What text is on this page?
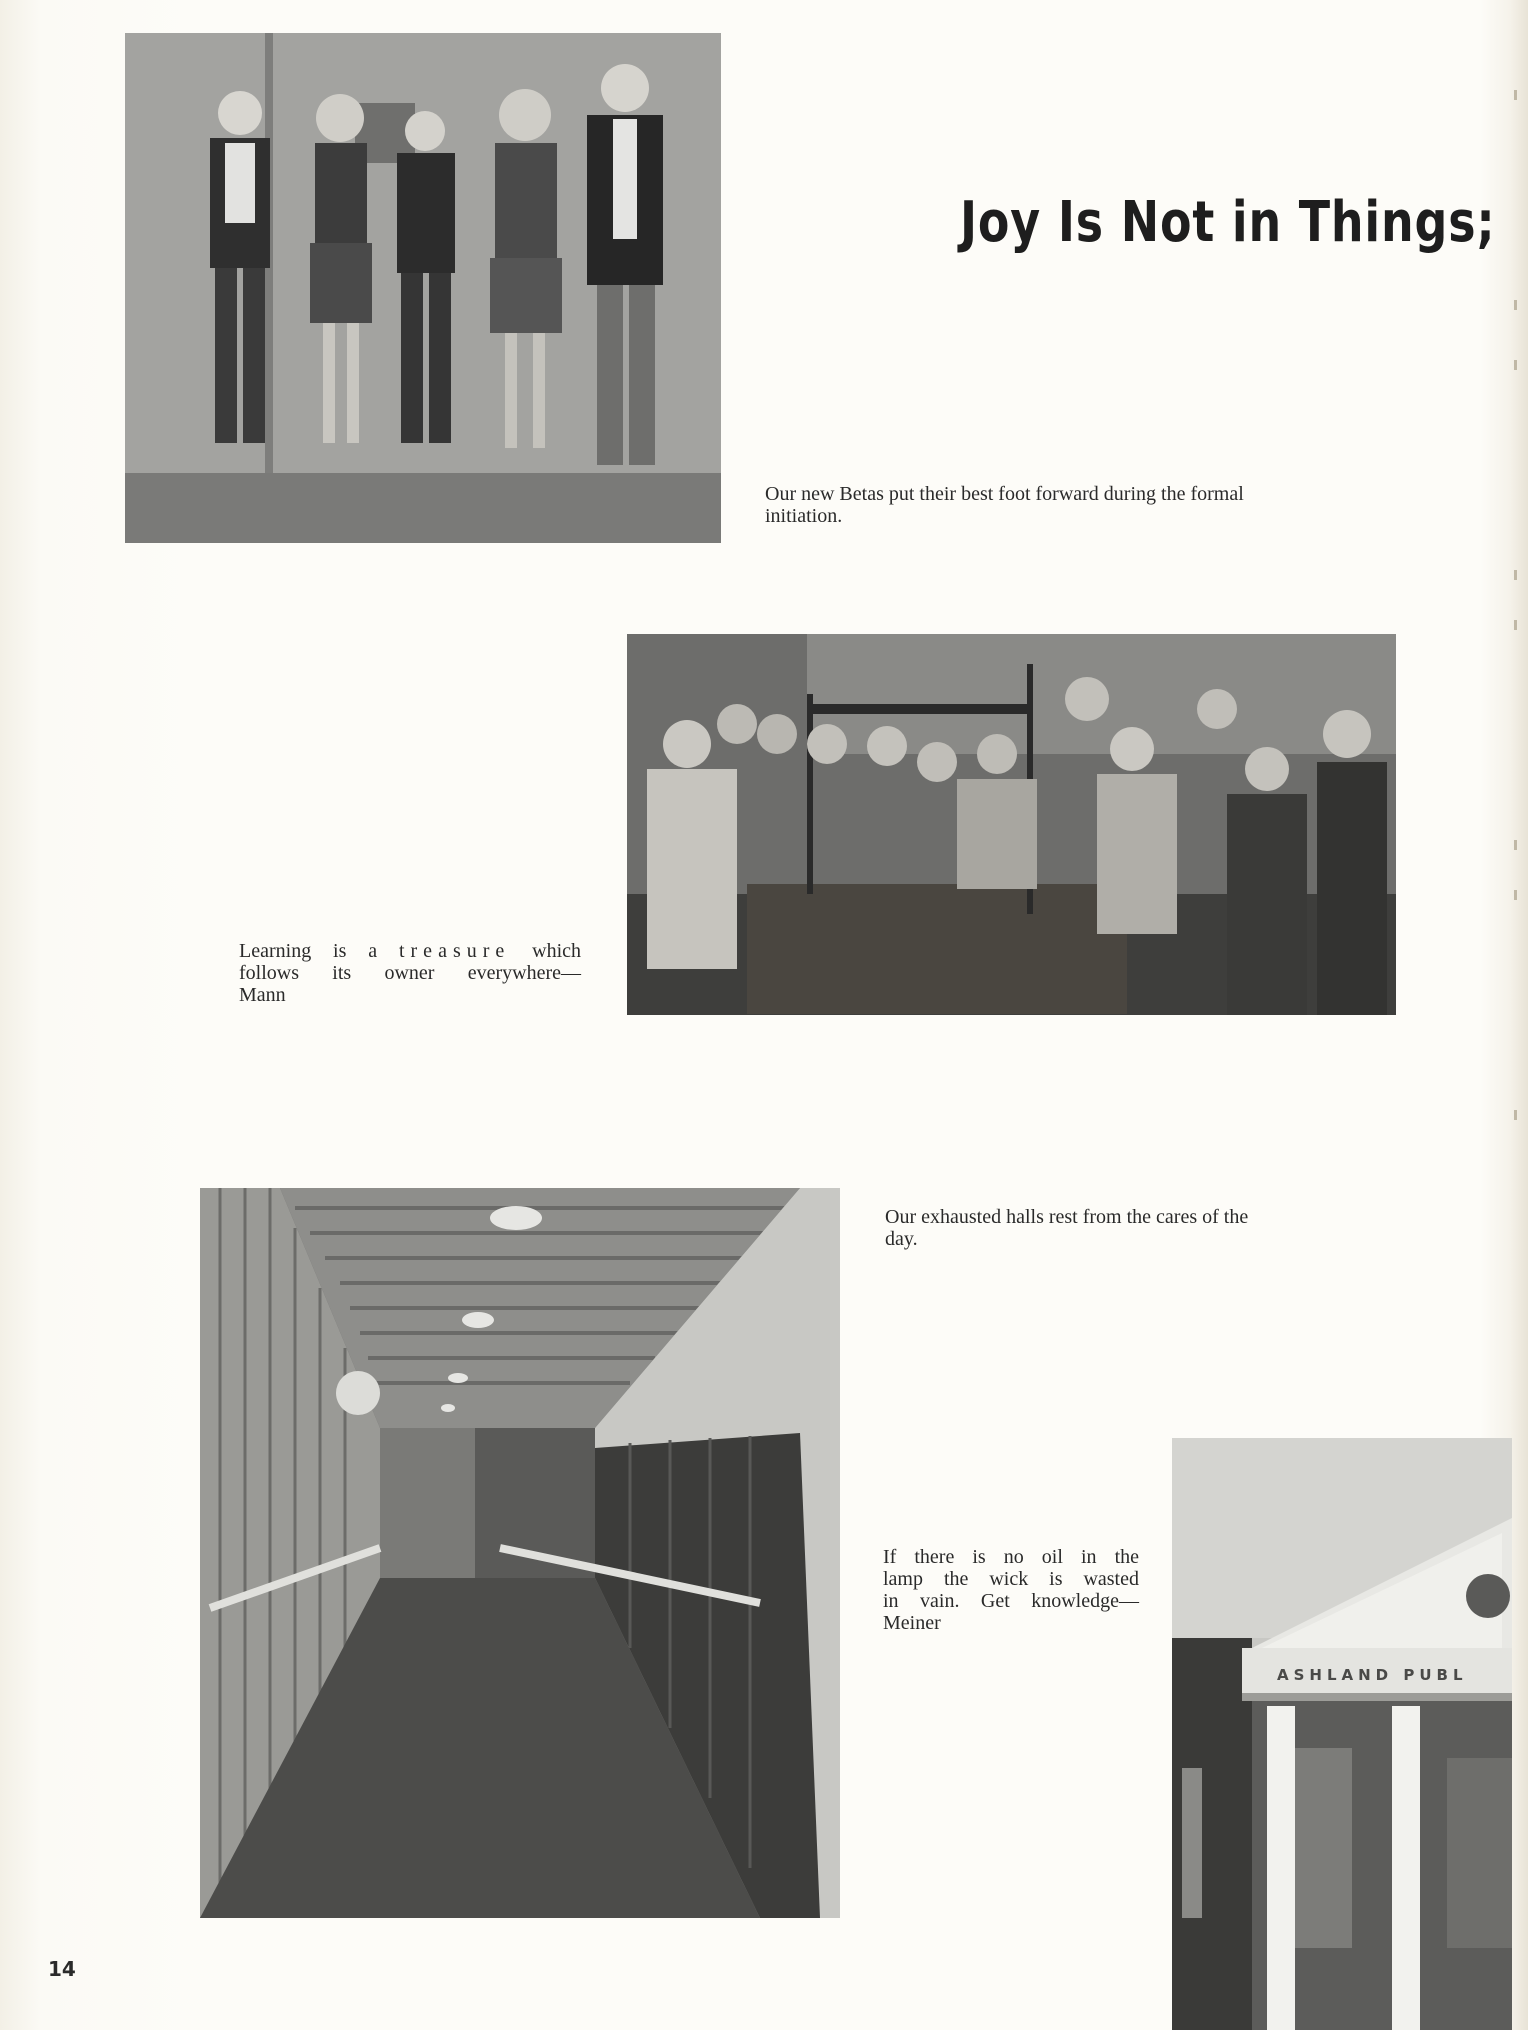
Joy Is Not in Things;
Our new Betas put their best foot forward during the formal initiation.
Learning is a treasure which
follows its owner everywhere—
Mann
Our exhausted halls rest from the cares of the day.
If there is no oil in the
lamp the wick is wasted
in vain. Get knowledge—
Meiner
ASHLAND PUBL
14
